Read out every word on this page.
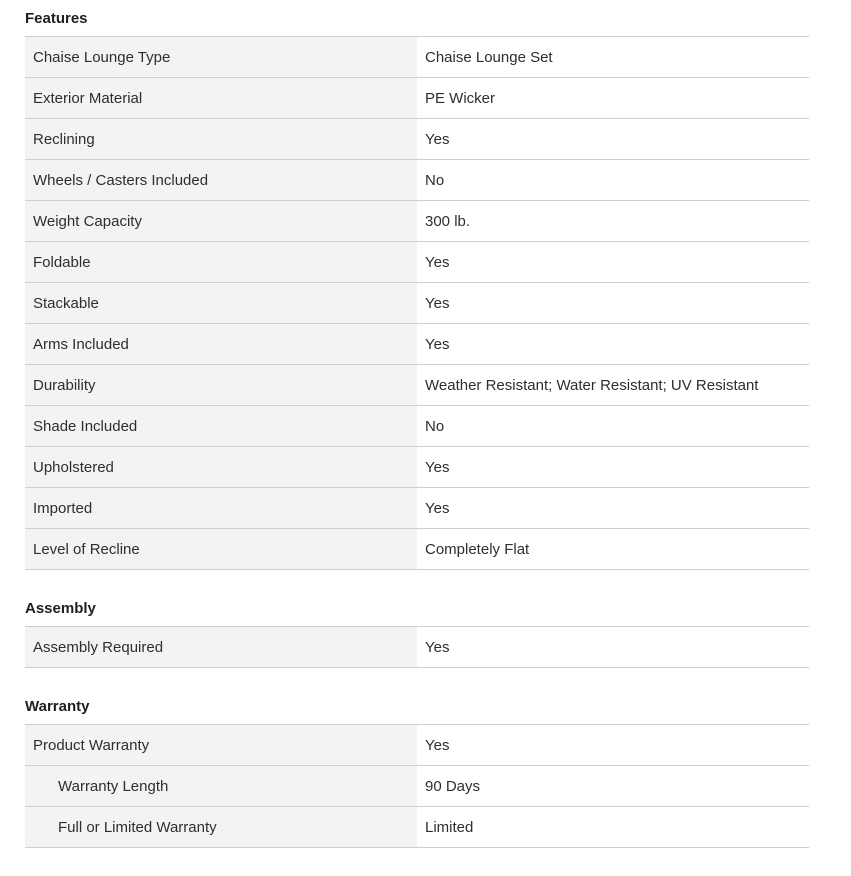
Features
Chaise Lounge Type	Chaise Lounge Set
Exterior Material	PE Wicker
Reclining	Yes
Wheels / Casters Included	No
Weight Capacity	300 lb.
Foldable	Yes
Stackable	Yes
Arms Included	Yes
Durability	Weather Resistant; Water Resistant; UV Resistant
Shade Included	No
Upholstered	Yes
Imported	Yes
Level of Recline	Completely Flat
Assembly
Assembly Required	Yes
Warranty
Product Warranty	Yes
Warranty Length	90 Days
Full or Limited Warranty	Limited
